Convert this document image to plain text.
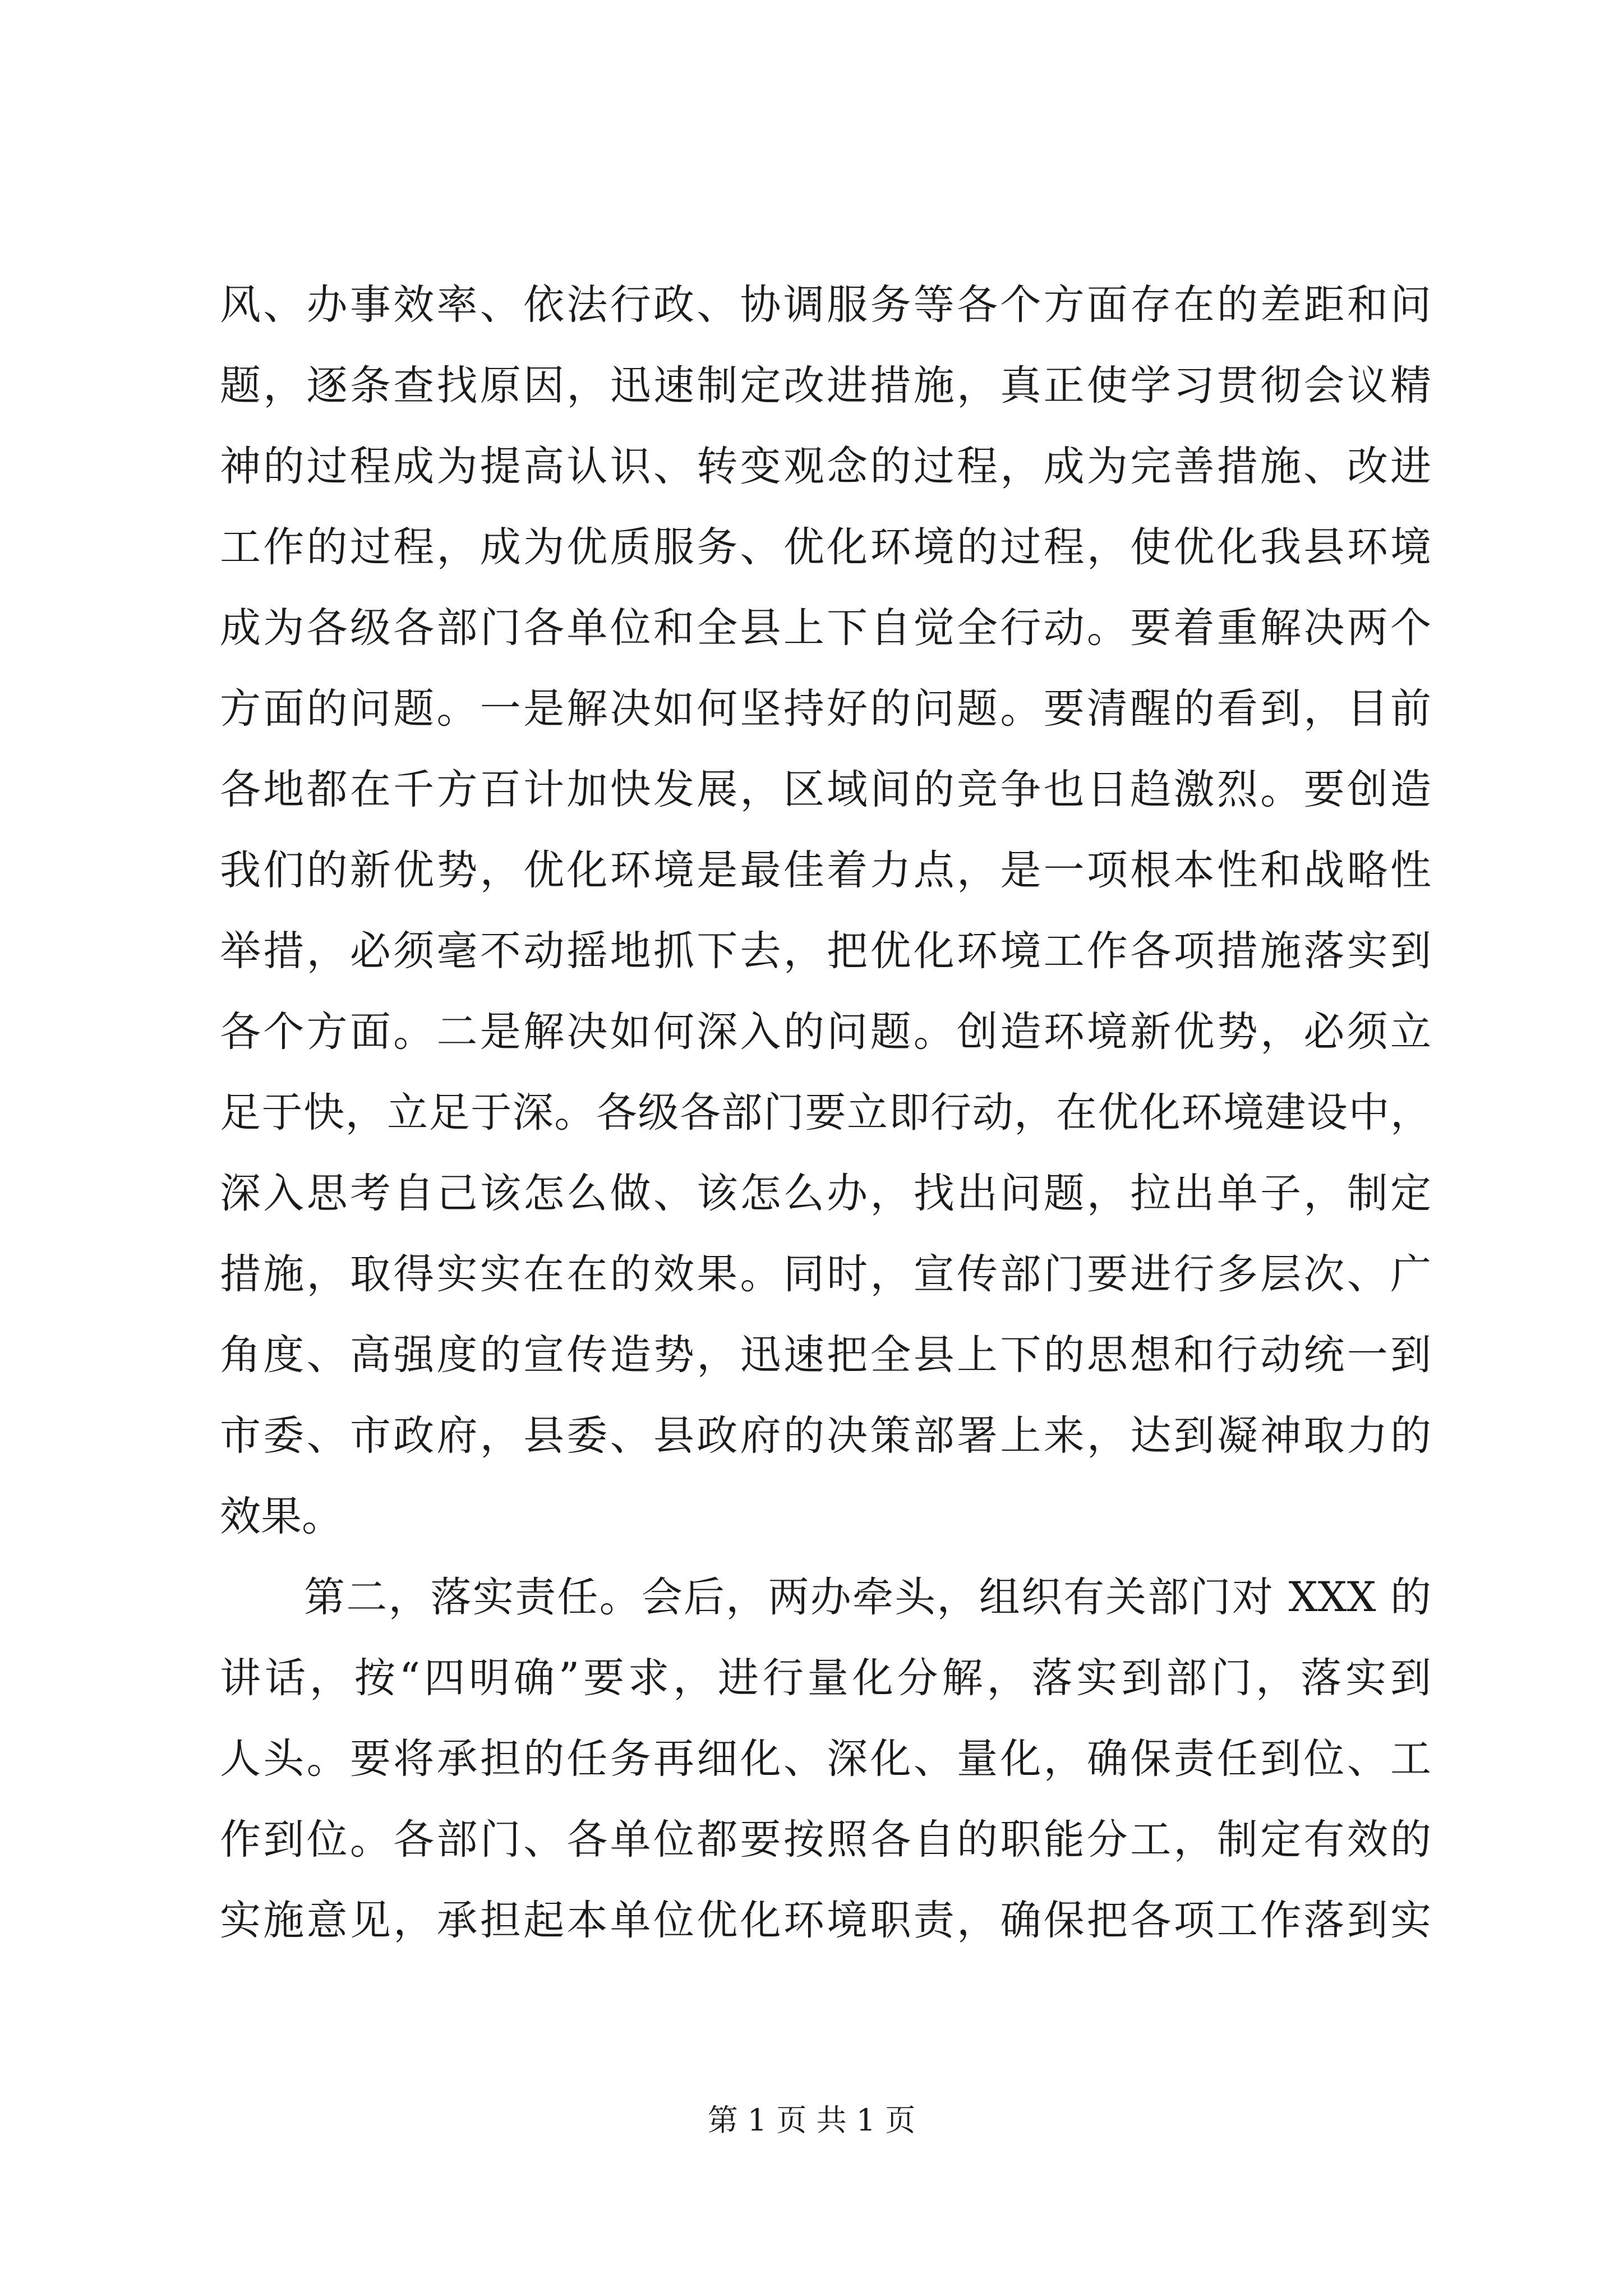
风、办事效率、依法行政、协调服务等各个方面存在的差距和问
题，逐条查找原因，迅速制定改进措施，真正使学习贯彻会议精
神的过程成为提高认识、转变观念的过程，成为完善措施、改进
工作的过程，成为优质服务、优化环境的过程，使优化我县环境
成为各级各部门各单位和全县上下自觉全行动。要着重解决两个
方面的问题。一是解决如何坚持好的问题。要清醒的看到，目前
各地都在千方百计加快发展，区域间的竞争也日趋激烈。要创造
我们的新优势，优化环境是最佳着力点，是一项根本性和战略性
举措，必须毫不动摇地抓下去，把优化环境工作各项措施落实到
各个方面。二是解决如何深入的问题。创造环境新优势，必须立
足于快，立足于深。各级各部门要立即行动，在优化环境建设中，
深入思考自己该怎么做、该怎么办，找出问题，拉出单子，制定
措施，取得实实在在的效果。同时，宣传部门要进行多层次、广
角度、高强度的宣传造势，迅速把全县上下的思想和行动统一到
市委、市政府，县委、县政府的决策部署上来，达到凝神取力的
效果。
第二，落实责任。会后，两办牵头，组织有关部门对 XXX 的
讲话，按“四明确”要求，进行量化分解，落实到部门，落实到
人头。要将承担的任务再细化、深化、量化，确保责任到位、工
作到位。各部门、各单位都要按照各自的职能分工，制定有效的
实施意见，承担起本单位优化环境职责，确保把各项工作落到实
第 1 页 共 1 页
